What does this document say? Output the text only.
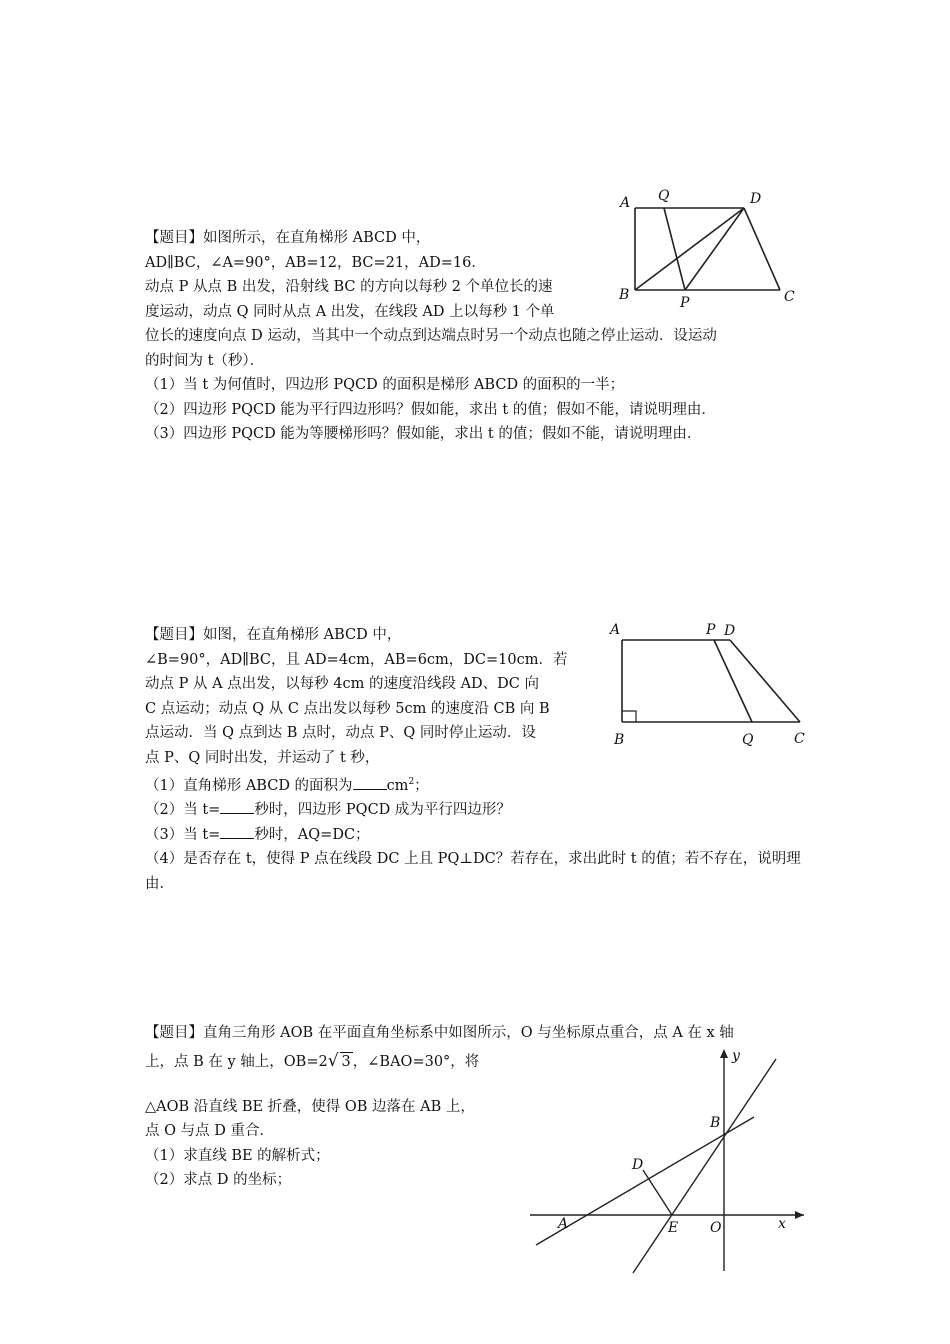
【题目】如图所示，在直角梯形 ABCD 中，
AD∥BC，∠A=90°，AB=12，BC=21，AD=16．
动点 P 从点 B 出发，沿射线 BC 的方向以每秒 2 个单位长的速
度运动，动点 Q 同时从点 A 出发，在线段 AD 上以每秒 1 个单
位长的速度向点 D 运动，当其中一个动点到达端点时另一个动点也随之停止运动．设运动
的时间为 t（秒）．
（1）当 t 为何值时，四边形 PQCD 的面积是梯形 ABCD 的面积的一半；
（2）四边形 PQCD 能为平行四边形吗？假如能，求出 t 的值；假如不能，请说明理由．
（3）四边形 PQCD 能为等腰梯形吗？假如能，求出 t 的值；假如不能，请说明理由．
A Q	D
B	P	C
【题目】如图，在直角梯形 ABCD 中，
∠B=90°，AD∥BC，且 AD=4cm，AB=6cm，DC=10cm．若
动点 P 从 A 点出发，以每秒 4cm 的速度沿线段 AD、DC 向
C 点运动；动点 Q 从 C 点出发以每秒 5cm 的速度沿 CB 向 B
点运动．当 Q 点到达 B 点时，动点 P、Q 同时停止运动．设
点 P、Q 同时出发，并运动了 t 秒，
（1）直角梯形 ABCD 的面积为 $cm^2$；
（2）当 t= 秒时，四边形 PQCD 成为平行四边形？
（3）当 t= 秒时，AQ=DC；
（4）是否存在 t，使得 P 点在线段 DC 上且 PQ⊥DC？若存在，求出此时 t 的值；若不存在，说明理由．
A	P D
B	Q	C
【题目】直角三角形 AOB 在平面直角坐标系中如图所示，O 与坐标原点重合，点 A 在 x 轴
上，点 B 在 y 轴上，OB=2√ 3 ，∠BAO=30°，将
△AOB 沿直线 BE 折叠，使得 OB 边落在 AB 上，
点 O 与点 D 重合．
（1）求直线 BE 的解析式；
（2）求点 D 的坐标；
y
B
D
A	E O	x
